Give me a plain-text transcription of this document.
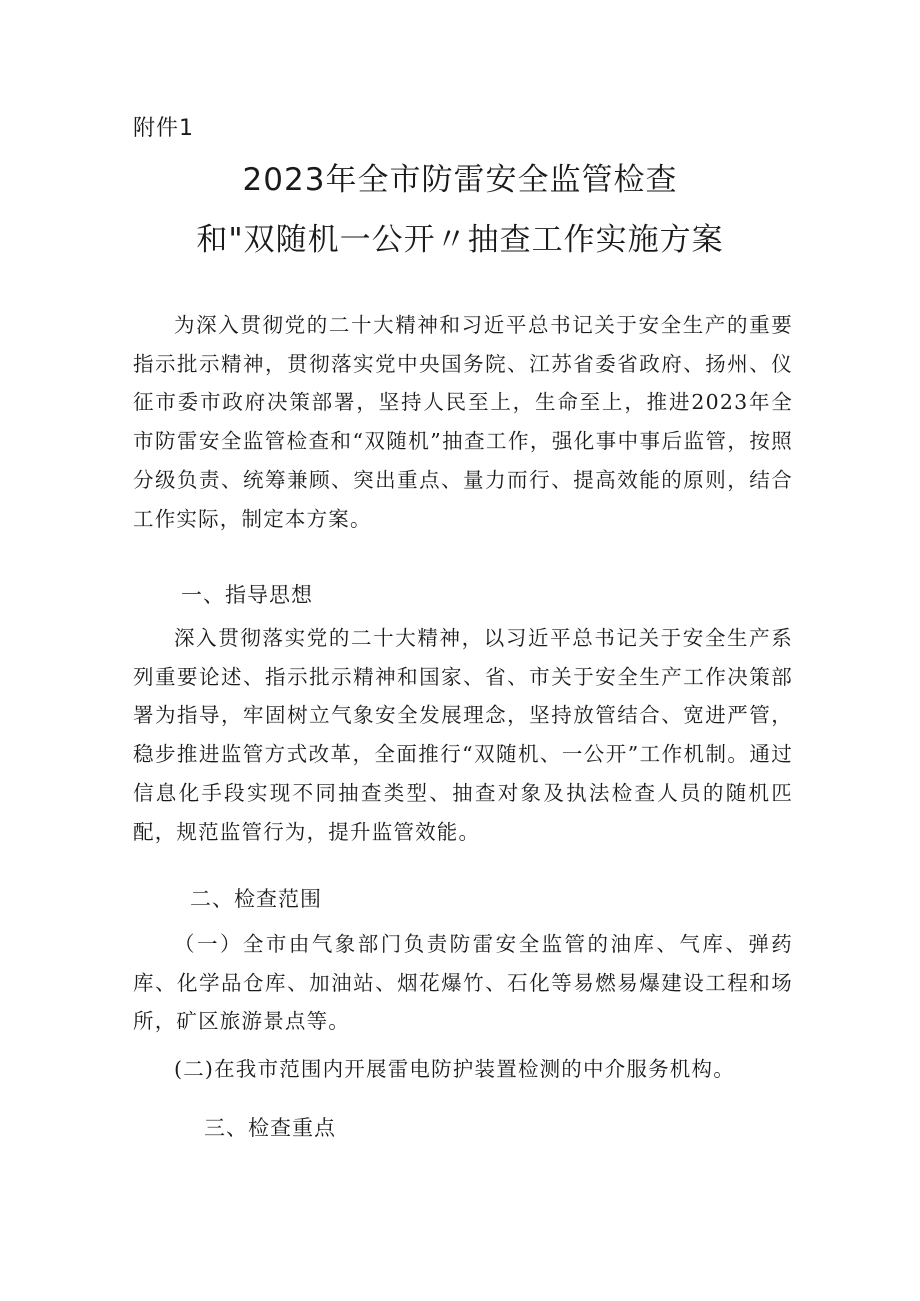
附件1
2023年全市防雷安全监管检查
和"双随机一公开〃抽查工作实施方案

为深入贯彻党的二十大精神和习近平总书记关于安全生产的重要指示批示精神，贯彻落实党中央国务院、江苏省委省政府、扬州、仪征市委市政府决策部署，坚持人民至上，生命至上，推进2023年全市防雷安全监管检查和“双随机”抽查工作，强化事中事后监管，按照分级负责、统筹兼顾、突出重点、量力而行、提高效能的原则，结合工作实际，制定本方案。

一、指导思想

深入贯彻落实党的二十大精神，以习近平总书记关于安全生产系列重要论述、指示批示精神和国家、省、市关于安全生产工作决策部署为指导，牢固树立气象安全发展理念，坚持放管结合、宽进严管，稳步推进监管方式改革，全面推行“双随机、一公开”工作机制。通过信息化手段实现不同抽查类型、抽查对象及执法检查人员的随机匹配，规范监管行为，提升监管效能。

二、检查范围

（一）全市由气象部门负责防雷安全监管的油库、气库、弹药库、化学品仓库、加油站、烟花爆竹、石化等易燃易爆建设工程和场所，矿区旅游景点等。

(二)在我市范围内开展雷电防护装置检测的中介服务机构。

三、检查重点
